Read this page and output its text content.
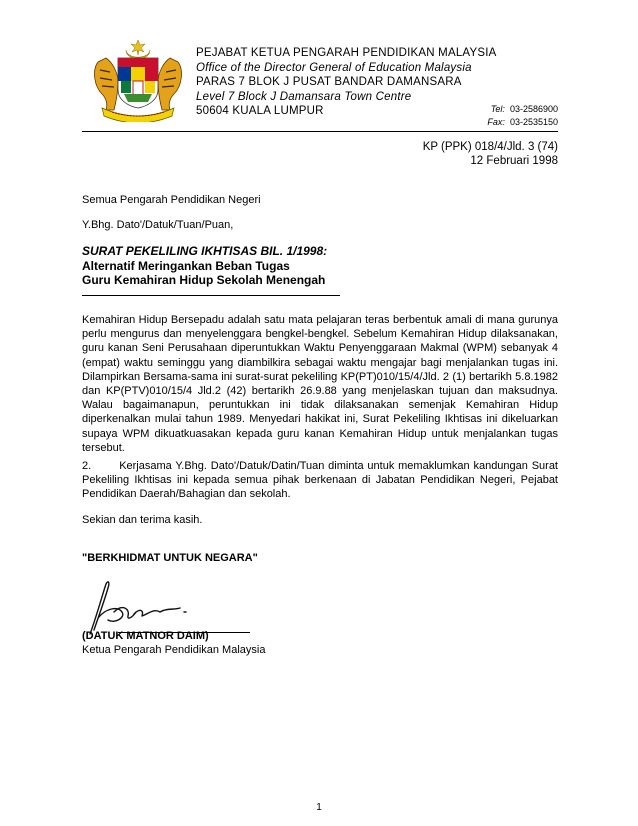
PEJABAT KETUA PENGARAH PENDIDIKAN MALAYSIA
Office of the Director General of Education Malaysia
PARAS 7 BLOK J PUSAT BANDAR DAMANSARA
Level 7 Block J Damansara Town Centre
50604 KUALA LUMPUR	Tel: 03-2586900
Fax: 03-2535150
KP (PPK) 018/4/Jld. 3 (74)
12 Februari 1998
Semua Pengarah Pendidikan Negeri
Y.Bhg. Dato'/Datuk/Tuan/Puan,
SURAT PEKELILING IKHTISAS BIL. 1/1998:
Alternatif Meringankan Beban Tugas
Guru Kemahiran Hidup Sekolah Menengah
Kemahiran Hidup Bersepadu adalah satu mata pelajaran teras berbentuk amali di mana gurunya perlu mengurus dan menyelenggara bengkel-bengkel. Sebelum Kemahiran Hidup dilaksanakan, guru kanan Seni Perusahaan diperuntukkan Waktu Penyenggaraan Makmal (WPM) sebanyak 4 (empat) waktu seminggu yang diambilkira sebagai waktu mengajar bagi menjalankan tugas ini. Dilampirkan Bersama-sama ini surat-surat pekeliling KP(PT)010/15/4/Jld. 2 (1) bertarikh 5.8.1982 dan KP(PTV)010/15/4 Jld.2 (42) bertarikh 26.9.88 yang menjelaskan tujuan dan maksudnya. Walau bagaimanapun, peruntukkan ini tidak dilaksanakan semenjak Kemahiran Hidup diperkenalkan mulai tahun 1989. Menyedari hakikat ini, Surat Pekeliling Ikhtisas ini dikeluarkan supaya WPM dikuatkuasakan kepada guru kanan Kemahiran Hidup untuk menjalankan tugas tersebut.
2.	Kerjasama Y.Bhg. Dato'/Datuk/Datin/Tuan diminta untuk memaklumkan kandungan Surat Pekeliling Ikhtisas ini kepada semua pihak berkenaan di Jabatan Pendidikan Negeri, Pejabat Pendidikan Daerah/Bahagian dan sekolah.
Sekian dan terima kasih.
"BERKHIDMAT UNTUK NEGARA"
(DATUK MATNOR DAIM)
Ketua Pengarah Pendidikan Malaysia
1
